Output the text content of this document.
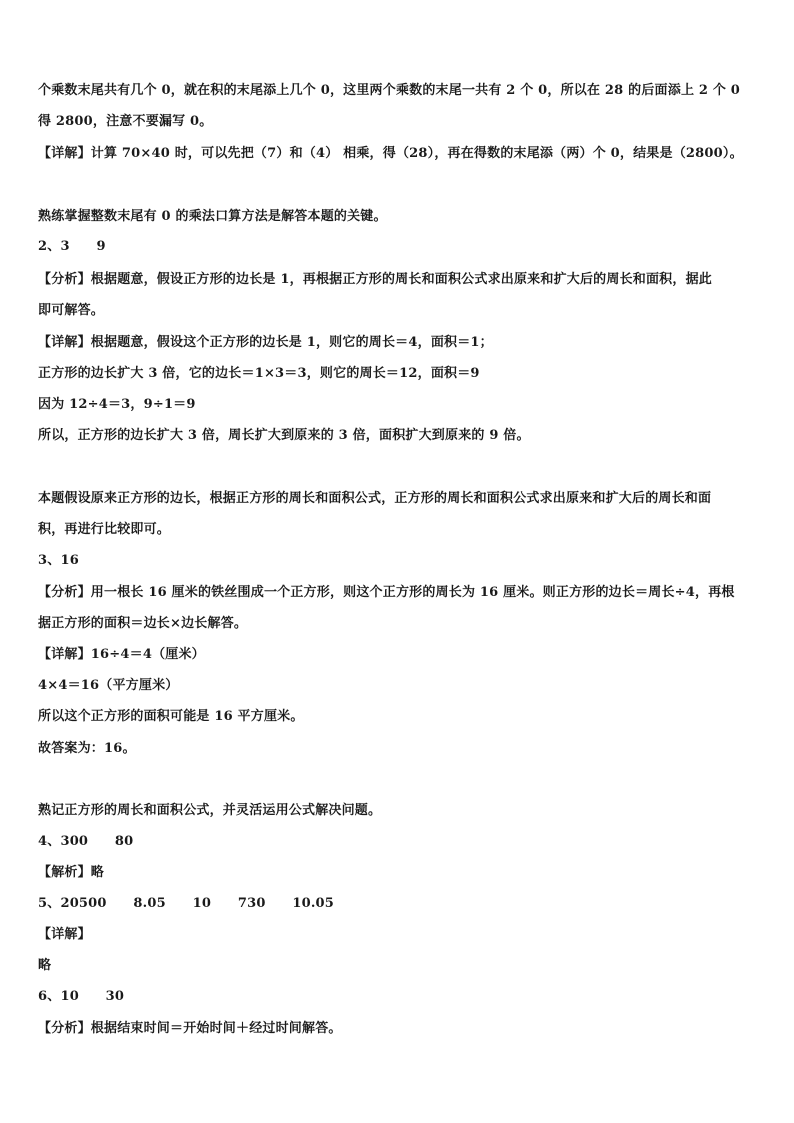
个乘数末尾共有几个 0，就在积的末尾添上几个 0，这里两个乘数的末尾一共有 2 个 0，所以在 28 的后面添上 2 个 0
得 2800，注意不要漏写 0。
【详解】计算 70×40 时，可以先把（7）和（4） 相乘，得（28），再在得数的末尾添（两）个 0，结果是（2800）。
熟练掌握整数末尾有 0 的乘法口算方法是解答本题的关键。
2、3 9
【分析】根据题意，假设正方形的边长是 1，再根据正方形的周长和面积公式求出原来和扩大后的周长和面积，据此
即可解答。
【详解】根据题意，假设这个正方形的边长是 1，则它的周长＝4，面积＝1；
正方形的边长扩大 3 倍，它的边长＝1×3＝3，则它的周长＝12，面积＝9
因为 12÷4＝3，9÷1＝9
所以，正方形的边长扩大 3 倍，周长扩大到原来的 3 倍，面积扩大到原来的 9 倍。
本题假设原来正方形的边长，根据正方形的周长和面积公式，正方形的周长和面积公式求出原来和扩大后的周长和面
积，再进行比较即可。
3、16
【分析】用一根长 16 厘米的铁丝围成一个正方形，则这个正方形的周长为 16 厘米。则正方形的边长＝周长÷4，再根
据正方形的面积＝边长×边长解答。
【详解】16÷4＝4（厘米）
4×4＝16（平方厘米）
所以这个正方形的面积可能是 16 平方厘米。
故答案为：16。
熟记正方形的周长和面积公式，并灵活运用公式解决问题。
4、300 80
【解析】略
5、20500 8.05 10 730 10.05
【详解】
略
6、10 30
【分析】根据结束时间＝开始时间＋经过时间解答。
